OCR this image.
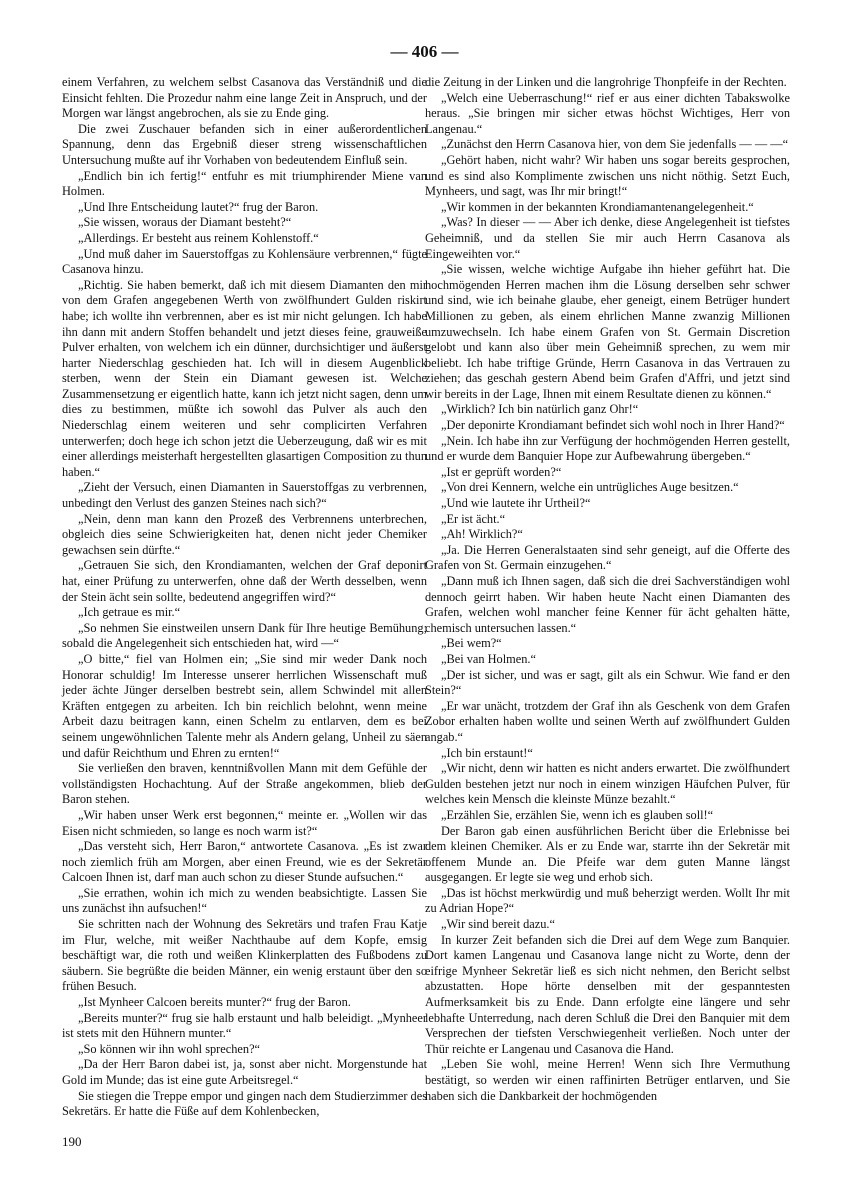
— 406 —

einem Verfahren, zu welchem selbst Casanova das Verständniß und die Einsicht fehlten. Die Prozedur nahm eine lange Zeit in Anspruch, und der Morgen war längst angebrochen, als sie zu Ende ging.

Die zwei Zuschauer befanden sich in einer außerordentlichen Spannung, denn das Ergebniß dieser streng wissenschaftlichen Untersuchung mußte auf ihr Vorhaben von bedeutendem Einfluß sein.

„Endlich bin ich fertig!“ entfuhr es mit triumphirender Miene van Holmen.

„Und Ihre Entscheidung lautet?“ frug der Baron.

„Sie wissen, woraus der Diamant besteht?“

„Allerdings. Er besteht aus reinem Kohlenstoff.“

„Und muß daher im Sauerstoffgas zu Kohlensäure verbrennen,“ fügte Casanova hinzu.

„Richtig. Sie haben bemerkt, daß ich mit diesem Diamanten den mir von dem Grafen angegebenen Werth von zwölfhundert Gulden riskirt habe; ich wollte ihn verbrennen, aber es ist mir nicht gelungen. Ich habe ihn dann mit andern Stoffen behandelt und jetzt dieses feine, grauweiße Pulver erhalten, von welchem ich ein dünner, durchsichtiger und äußerst harter Niederschlag geschieden hat. Ich will in diesem Augenblick sterben, wenn der Stein ein Diamant gewesen ist. Welche Zusammensetzung er eigentlich hatte, kann ich jetzt nicht sagen, denn um dies zu bestimmen, müßte ich sowohl das Pulver als auch den Niederschlag einem weiteren und sehr complicirten Verfahren unterwerfen; doch hege ich schon jetzt die Ueberzeugung, daß wir es mit einer allerdings meisterhaft hergestellten glasartigen Composition zu thun haben.“

„Zieht der Versuch, einen Diamanten in Sauerstoffgas zu verbrennen, unbedingt den Verlust des ganzen Steines nach sich?“

„Nein, denn man kann den Prozeß des Verbrennens unterbrechen, obgleich dies seine Schwierigkeiten hat, denen nicht jeder Chemiker gewachsen sein dürfte.“

„Getrauen Sie sich, den Krondiamanten, welchen der Graf deponirt hat, einer Prüfung zu unterwerfen, ohne daß der Werth desselben, wenn der Stein ächt sein sollte, bedeutend angegriffen wird?“

„Ich getraue es mir.“

„So nehmen Sie einstweilen unsern Dank für Ihre heutige Bemühung; sobald die Angelegenheit sich entschieden hat, wird —“

„O bitte,“ fiel van Holmen ein; „Sie sind mir weder Dank noch Honorar schuldig! Im Interesse unserer herrlichen Wissenschaft muß jeder ächte Jünger derselben bestrebt sein, allem Schwindel mit allen Kräften entgegen zu arbeiten. Ich bin reichlich belohnt, wenn meine Arbeit dazu beitragen kann, einen Schelm zu entlarven, dem es bei seinem ungewöhnlichen Talente mehr als Andern gelang, Unheil zu säen und dafür Reichthum und Ehren zu ernten!“

Sie verließen den braven, kenntnißvollen Mann mit dem Gefühle der vollständigsten Hochachtung. Auf der Straße angekommen, blieb der Baron stehen.

„Wir haben unser Werk erst begonnen,“ meinte er. „Wollen wir das Eisen nicht schmieden, so lange es noch warm ist?“

„Das versteht sich, Herr Baron,“ antwortete Casanova. „Es ist zwar noch ziemlich früh am Morgen, aber einen Freund, wie es der Sekretär Calcoen Ihnen ist, darf man auch schon zu dieser Stunde aufsuchen.“

„Sie errathen, wohin ich mich zu wenden beabsichtigte. Lassen Sie uns zunächst ihn aufsuchen!“

Sie schritten nach der Wohnung des Sekretärs und trafen Frau Katje im Flur, welche, mit weißer Nachthaube auf dem Kopfe, emsig beschäftigt war, die roth und weißen Klinkerplatten des Fußbodens zu säubern. Sie begrüßte die beiden Männer, ein wenig erstaunt über den so frühen Besuch.

„Ist Mynheer Calcoen bereits munter?“ frug der Baron.

„Bereits munter?“ frug sie halb erstaunt und halb beleidigt. „Mynheer ist stets mit den Hühnern munter.“

„So können wir ihn wohl sprechen?“

„Da der Herr Baron dabei ist, ja, sonst aber nicht. Morgenstunde hat Gold im Munde; das ist eine gute Arbeitsregel.“

Sie stiegen die Treppe empor und gingen nach dem Studierzimmer des Sekretärs. Er hatte die Füße auf dem Kohlenbecken,

die Zeitung in der Linken und die langrohrige Thonpfeife in der Rechten.

„Welch eine Ueberraschung!“ rief er aus einer dichten Tabakswolke heraus. „Sie bringen mir sicher etwas höchst Wichtiges, Herr von Langenau.“

„Zunächst den Herrn Casanova hier, von dem Sie jedenfalls — — —“

„Gehört haben, nicht wahr? Wir haben uns sogar bereits gesprochen, und es sind also Komplimente zwischen uns nicht nöthig. Setzt Euch, Mynheers, und sagt, was Ihr mir bringt!“

„Wir kommen in der bekannten Krondiamantenangelegenheit.“

„Was? In dieser — — Aber ich denke, diese Angelegenheit ist tiefstes Geheimniß, und da stellen Sie mir auch Herrn Casanova als Eingeweihten vor.“

„Sie wissen, welche wichtige Aufgabe ihn hieher geführt hat. Die hochmögenden Herren machen ihm die Lösung derselben sehr schwer und sind, wie ich beinahe glaube, eher geneigt, einem Betrüger hundert Millionen zu geben, als einem ehrlichen Manne zwanzig Millionen umzuwechseln. Ich habe einem Grafen von St. Germain Discretion gelobt und kann also über mein Geheimniß sprechen, zu wem mir beliebt. Ich habe triftige Gründe, Herrn Casanova in das Vertrauen zu ziehen; das geschah gestern Abend beim Grafen d'Affri, und jetzt sind wir bereits in der Lage, Ihnen mit einem Resultate dienen zu können.“

„Wirklich? Ich bin natürlich ganz Ohr!“

„Der deponirte Krondiamant befindet sich wohl noch in Ihrer Hand?“

„Nein. Ich habe ihn zur Verfügung der hochmögenden Herren gestellt, und er wurde dem Banquier Hope zur Aufbewahrung übergeben.“

„Ist er geprüft worden?“

„Von drei Kennern, welche ein untrügliches Auge besitzen.“

„Und wie lautete ihr Urtheil?“

„Er ist ächt.“

„Ah! Wirklich?“

„Ja. Die Herren Generalstaaten sind sehr geneigt, auf die Offerte des Grafen von St. Germain einzugehen.“

„Dann muß ich Ihnen sagen, daß sich die drei Sachverständigen wohl dennoch geirrt haben. Wir haben heute Nacht einen Diamanten des Grafen, welchen wohl mancher feine Kenner für ächt gehalten hätte, chemisch untersuchen lassen.“

„Bei wem?“

„Bei van Holmen.“

„Der ist sicher, und was er sagt, gilt als ein Schwur. Wie fand er den Stein?“

„Er war unächt, trotzdem der Graf ihn als Geschenk von dem Grafen Zobor erhalten haben wollte und seinen Werth auf zwölfhundert Gulden angab.“

„Ich bin erstaunt!“

„Wir nicht, denn wir hatten es nicht anders erwartet. Die zwölfhundert Gulden bestehen jetzt nur noch in einem winzigen Häufchen Pulver, für welches kein Mensch die kleinste Münze bezahlt.“

„Erzählen Sie, erzählen Sie, wenn ich es glauben soll!“

Der Baron gab einen ausführlichen Bericht über die Erlebnisse bei dem kleinen Chemiker. Als er zu Ende war, starrte ihn der Sekretär mit offenem Munde an. Die Pfeife war dem guten Manne längst ausgegangen. Er legte sie weg und erhob sich.

„Das ist höchst merkwürdig und muß beherzigt werden. Wollt Ihr mit zu Adrian Hope?“

„Wir sind bereit dazu.“

In kurzer Zeit befanden sich die Drei auf dem Wege zum Banquier. Dort kamen Langenau und Casanova lange nicht zu Worte, denn der eifrige Mynheer Sekretär ließ es sich nicht nehmen, den Bericht selbst abzustatten. Hope hörte denselben mit der gespanntesten Aufmerksamkeit bis zu Ende. Dann erfolgte eine längere und sehr lebhafte Unterredung, nach deren Schluß die Drei den Banquier mit dem Versprechen der tiefsten Verschwiegenheit verließen. Noch unter der Thür reichte er Langenau und Casanova die Hand.

„Leben Sie wohl, meine Herren! Wenn sich Ihre Vermuthung bestätigt, so werden wir einen raffinirten Betrüger entlarven, und Sie haben sich die Dankbarkeit der hochmögenden

190
